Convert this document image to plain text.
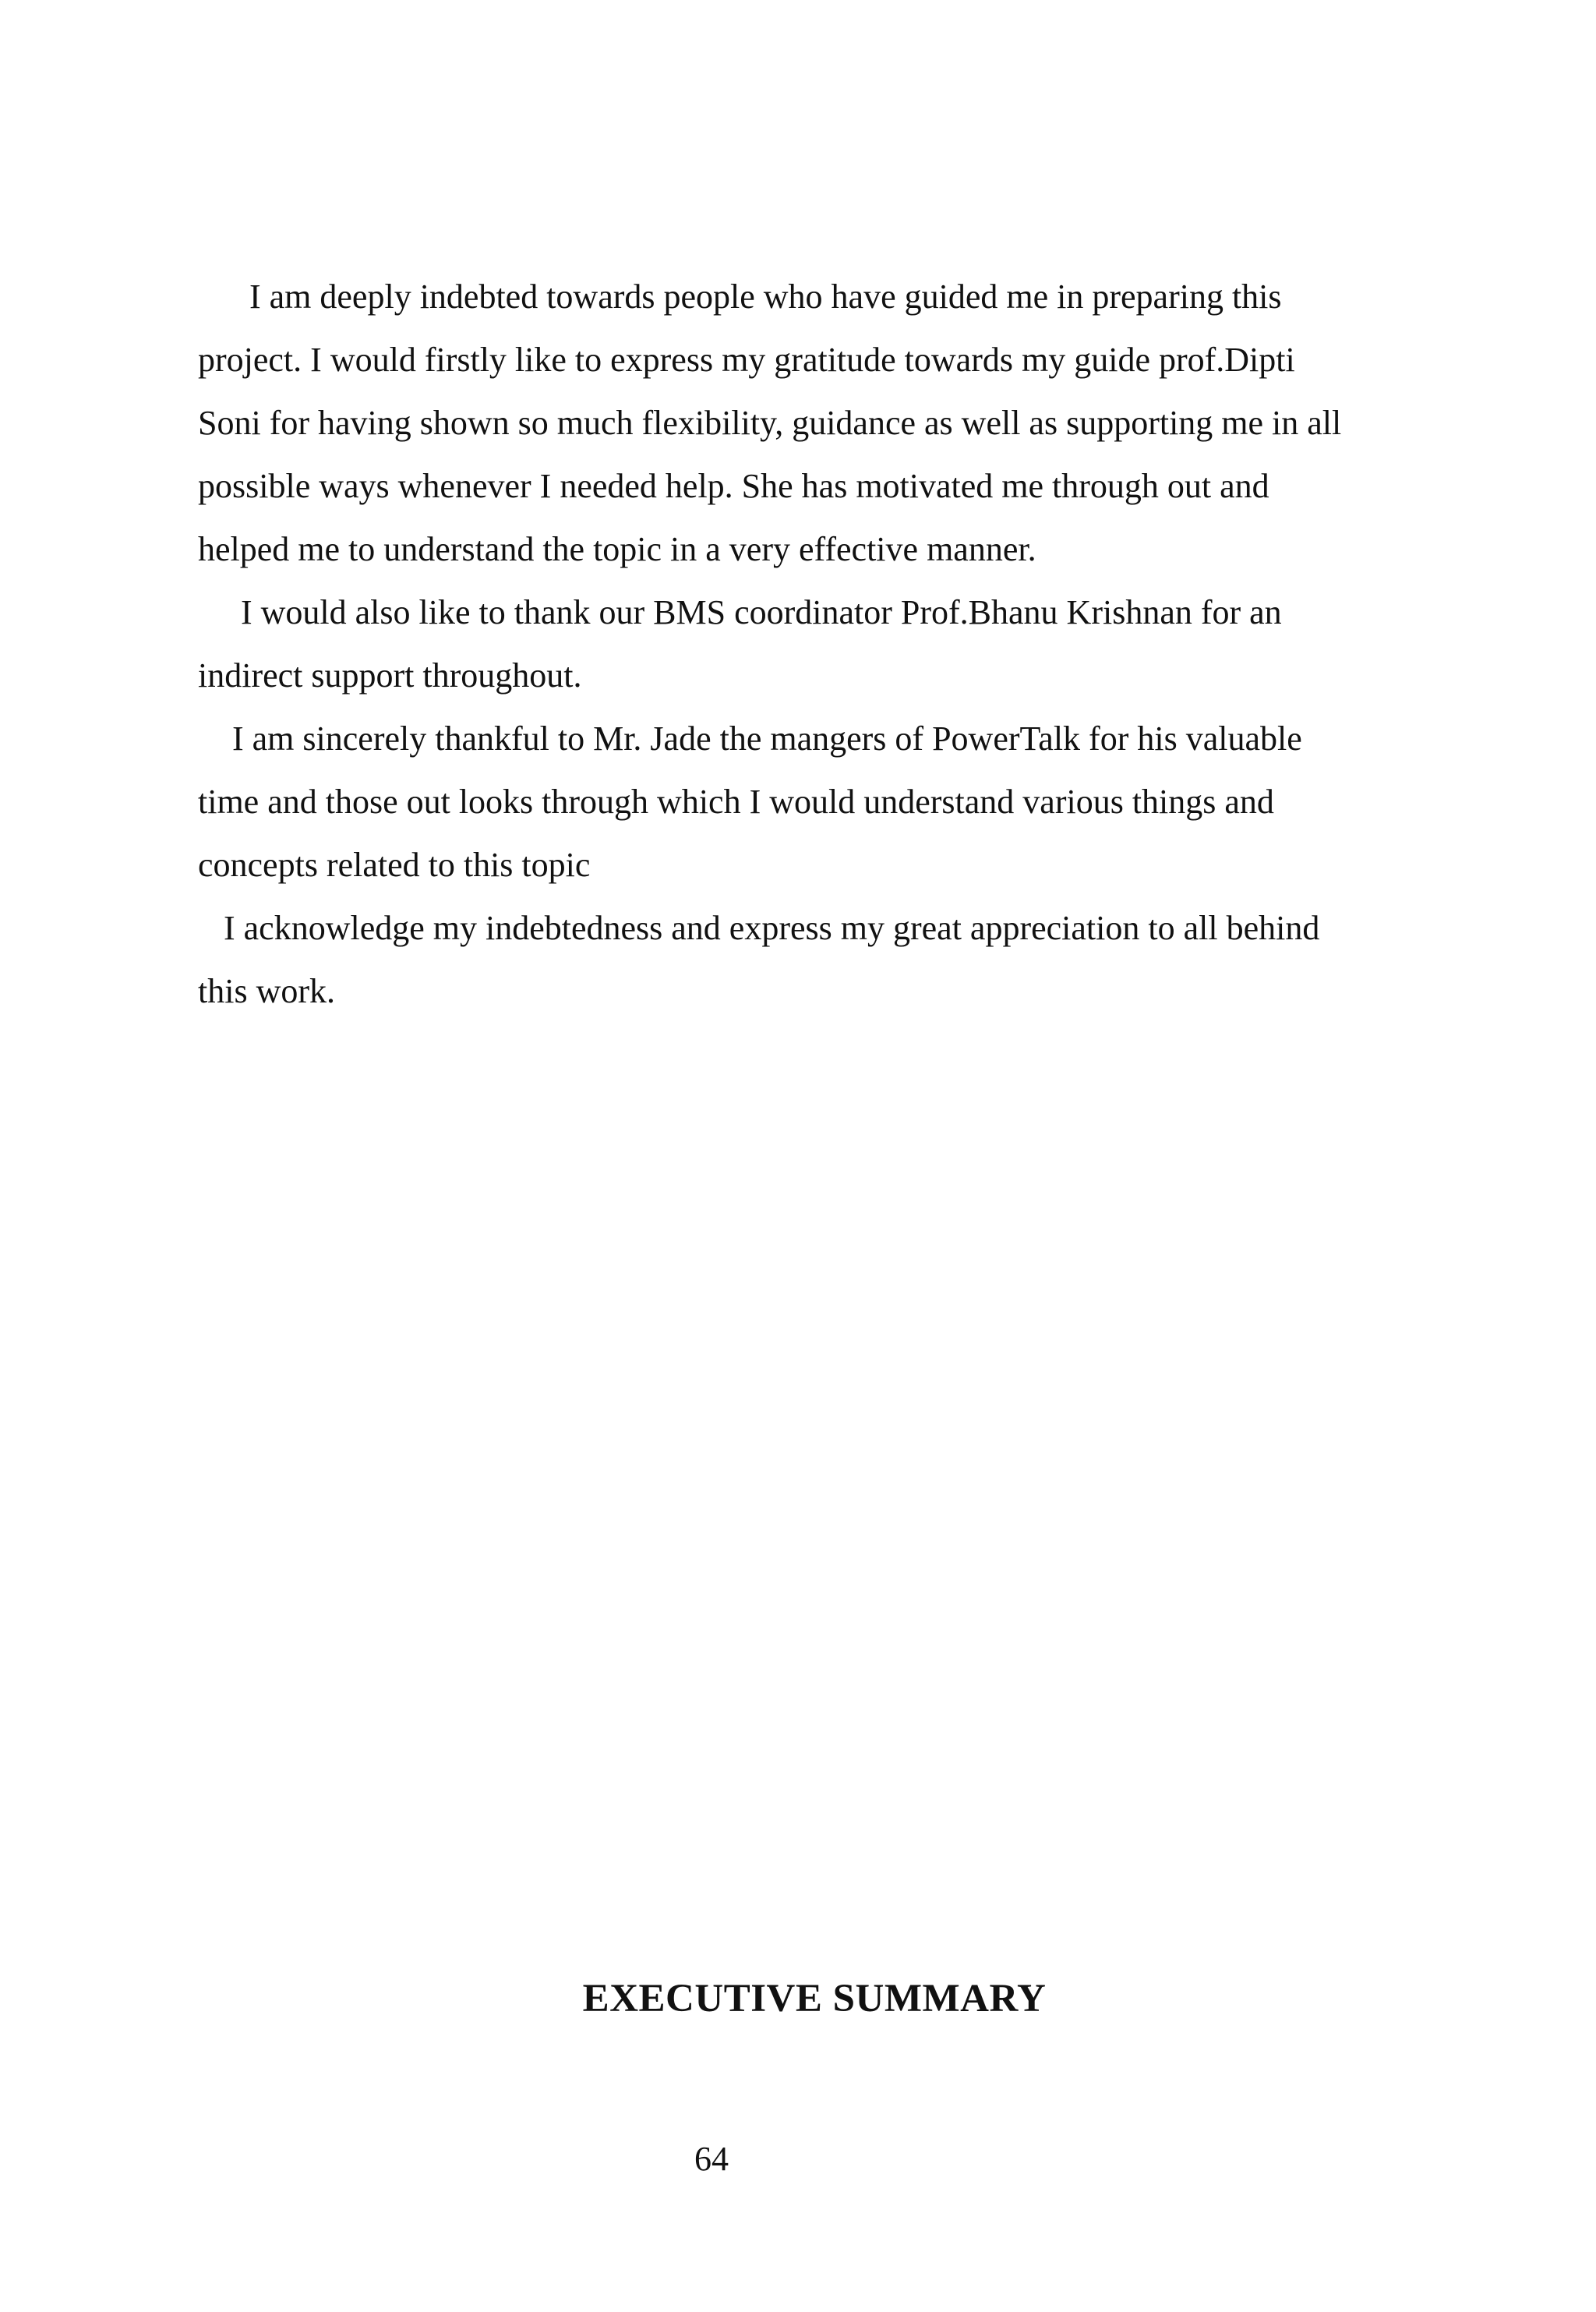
I am deeply indebted towards people who have guided me in preparing this
project. I would firstly like to express my gratitude towards my guide prof.Dipti
Soni for having shown so much flexibility, guidance as well as supporting me in all
possible ways whenever I needed help. She has motivated me through out and
helped me to understand the topic in a very effective manner.
I would also like to thank our BMS coordinator Prof.Bhanu Krishnan for an
indirect support throughout.
I am sincerely thankful to Mr. Jade the mangers of PowerTalk for his valuable
time and those out looks through which I would understand various things and
concepts related to this topic
I acknowledge my indebtedness and express my great appreciation to all behind
this work.
EXECUTIVE SUMMARY
64
